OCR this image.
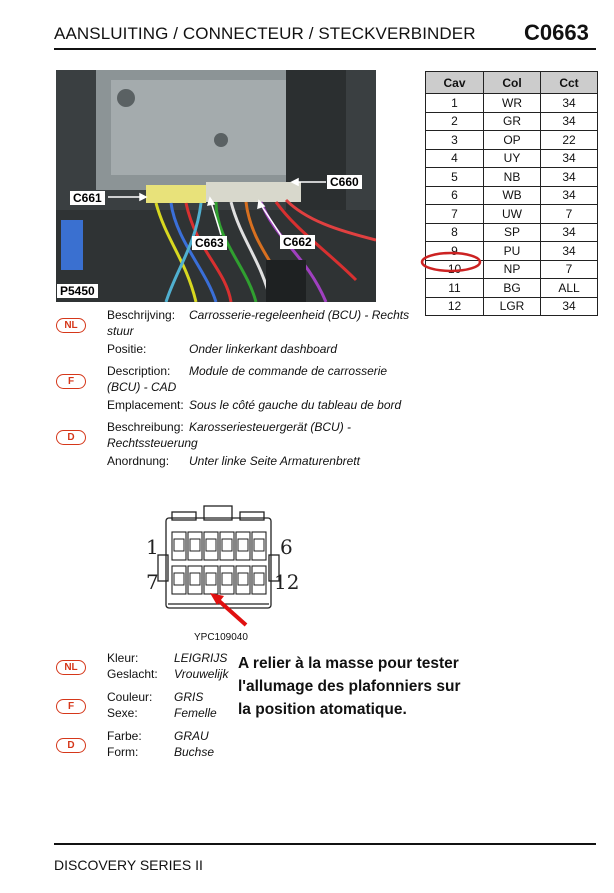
AANSLUITING / CONNECTEUR / STECKVERBINDER C0663
C661
C660
C663	C662
P5450
Cav	Col	Cct
1	WR	34
2	GR	34
3	OP	22
4	UY	34
5	NB	34
6	WB	34
7	UW	7
8	SP	34
9	PU	34
10	NP	7
11	BG	ALL
12	LGR	34
NL
Beschrijving: Carrosserie-regeleenheid (BCU) - Rechts
stuur
Positie:	Onder linkerkant dashboard
F
Description: Module de commande de carrosserie
(BCU) - CAD
Emplacement: Sous le côté gauche du tableau de bord
D
Beschreibung: Karosseriesteuergerät (BCU) -
Rechtssteuerung
Anordnung: Unter linke Seite Armaturenbrett
1	6
7	12
YPC109040
NL
Kleur:	LEIGRIJS
Geslacht: Vrouwelijk
F
Couleur: GRIS
Sexe:	Femelle
D
Farbe:	GRAU
Form:	Buchse
A relier à la masse pour tester
l'allumage des plafonniers sur
la position atomatique.
DISCOVERY SERIES II
